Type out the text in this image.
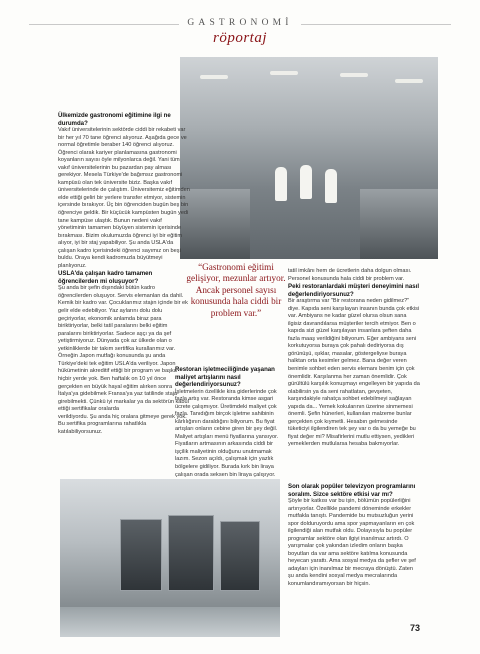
GASTRONOMİ
röportaj
“Gastronomi eğitimi gelişiyor, mezunlar artıyor. Ancak personel sayısı konusunda hala ciddi bir problem var.”
Ülkemizde gastronomi eğitimine ilgi ne durumda?

Vakıf üniversitelerinin sektörde ciddi bir rekabeti var bir her yıl 70 tane öğrenci alıyoruz. Aşağıda gece ve normal öğretimle beraber 140 öğrenci alıyoruz. Öğrenci olarak kariyer planlamasına gastronomi koyanların sayısı öyle milyonlarca değil. Yani tüm vakıf üniversitelerinin bu pazardan pay alması gerekiyor. Mesela Türkiye'de bağımsız gastronomi kampüsü olan tek üniversite biziz. Başka vakıf üniversitelerinde de çalıştım. Üniversitemiz eğitimden elde ettiği geliri bir yerlere transfer etmiyor, sistemin içersinde bırakıyor. Üç bin öğrenciden bugün beş bin öğrenciye geldik. Bir küçücük kampüsten bugün yedi tane kampüse ulaştık. Bunun nedeni vakıf yönetiminin tamamen büyüyen sistemin içerisinde bırakması. Bizim okulumuzda öğrenci iyi bir eğitim alıyor, iyi bir staj yapabiliyor. Şu anda USLA'da çalışan kadro içerisindeki öğrenci sayımız on beşi buldu. Oraya kendi kadromuzla büyütmeyi planlıyoruz.

USLA'da çalışan kadro tamamen öğrencilerden mi oluşuyor?

Şu anda bir şefin dışındaki bütün kadro öğrencilerden oluşuyor. Servis elemanları da dahil. Kemik bir kadro var. Çocuklarımız stajın içinde bir ek gelir elde edebiliyor. Yaz aylarını dolu dolu geçiriyorlar, ekonomik anlamda biraz para biriktiriyorlar, belki tatil paralarını belki eğitim paralarını biriktiriyorlar. Sadece aşçı ya da şef yetiştirmiyoruz. Dünyada çok az ülkede olan o yetkinliklerde bir takım sertifika kurallarımız var. Örneğin Japon mutfağı konusunda şu anda Türkiye'deki tek eğitim USLA'da veriliyor. Japon hükümetinin akreditif ettiği bir program ve başka hiçbir yerde yok. Ben haftalık on 10 yıl önce gerçekten en büyük hayal eğitim alırken sonra İtalya'ya gidebilmek Fransa'ya yaz tatilinde staja girebilmekti. Çünkü iyi markalar ya da sektörün kabul ettiği sertifikalar oralarda

verildiyordu. Şu anda hiç oralara gitmeye gerek yok. Bu sertifika programlarına rahatlıkla katılabiliyorsunuz.

Restoran işletmeciliğinde yaşanan maliyet artışlarını nasıl değerlendiriyorsunuz?

İşletmelerin özellikle kira giderlerinde çok fazla artış var. Restoranda kimse asgari ücrete çalışmıyor. Üretimdeki maliyet çok fazla. Tanıdığım birçok işletme sahibinin kârlılığının daraldığını biliyorum. Bu fiyat artışları onların cebine giren bir şey değil. Maliyet artışları menü fiyatlarına yansıyor. Fiyatların artmasının arkasında ciddi bir işçilik maliyetinin olduğunu unutmamak lazım. Sezon açıldı, çalışmak için yazlık bölgelere gidiliyor. Burada kırk bin liraya çalışan orada seksen bin liraya çalışıyor.

tatil imkânı hem de ücretlerin daha dolgun olması. Personel konusunda hala ciddi bir problem var.

Peki restoranlardaki müşteri deneyimini nasıl değerlendiriyorsunuz?

Bir araştırma var "Bir restorana neden gidilmez?" diye. Kapıda seni karşılayan insanın bunda çok etkisi var. Ambiyans ne kadar güzel olursa olsun sana ilgisiz davrandılarsa müşteriler tercih etmiyor. Ben o kapıda sizi güzel karşılayan insanlara şeften daha fazla maaş verildiğini biliyorum. Eğer ambiyans seni korkutuyorsa buraya çok pahalı dediriyorsa dış görünüşü, ışıklar, masalar, göstergeliyse buraya halktan orta kesimler gelmez. Bana değer veren benimle sohbet eden servis elemanı benim için çok önemlidir. Karşılanma her zaman önemlidir. Çok gürültülü karşılık konuşmayı engelleyen bir yapıda da olabilirsin ya da seni rahatlatan, gevşeten, karşındakiyle rahatça sohbet edebilmeyi sağlayan yapıda da... Yemek kokularının üzerine sinmemesi önemli. Şefin hünerleri, kullanılan malzeme bunlar gerçekten çok kıymetli. Hesabın gelmesinde tüketiciyi ilgilendiren tek şey var o da bu yemeğe bu fiyat değer mi? Misafirlerini mutlu ettiysen, yedikleri yemeklerden mutlularsa hesaba bakmıyorlar.

Son olarak popüler televizyon programlarını soralım. Sizce sektöre etkisi var mı?

Şöyle bir katkısı var bu işin, bölümün popülerliğini artırıyorlar. Özellikle pandemi döneminde erkekler mutfakla tanıştı. Pandemide bu mutsuzluğun yerini spor dolduruyordu ama spor yapmayanların en çok ilgilendiği alan mutfak oldu. Dolayısıyla bu popüler programlar sektöre olan ilgiyi inanılmaz artırdı. O yarışmalar çok yakından izledim onların başka boyutları da var ama sektöre katılma konusunda heyecan yarattı. Ama sosyal medya da şefler ve şef adayları için inanılmaz bir mecraya dönüştü. Zaten şu anda kendini sosyal medya mecralarında konumlandıramıyorsan bir hiçsin.

73
